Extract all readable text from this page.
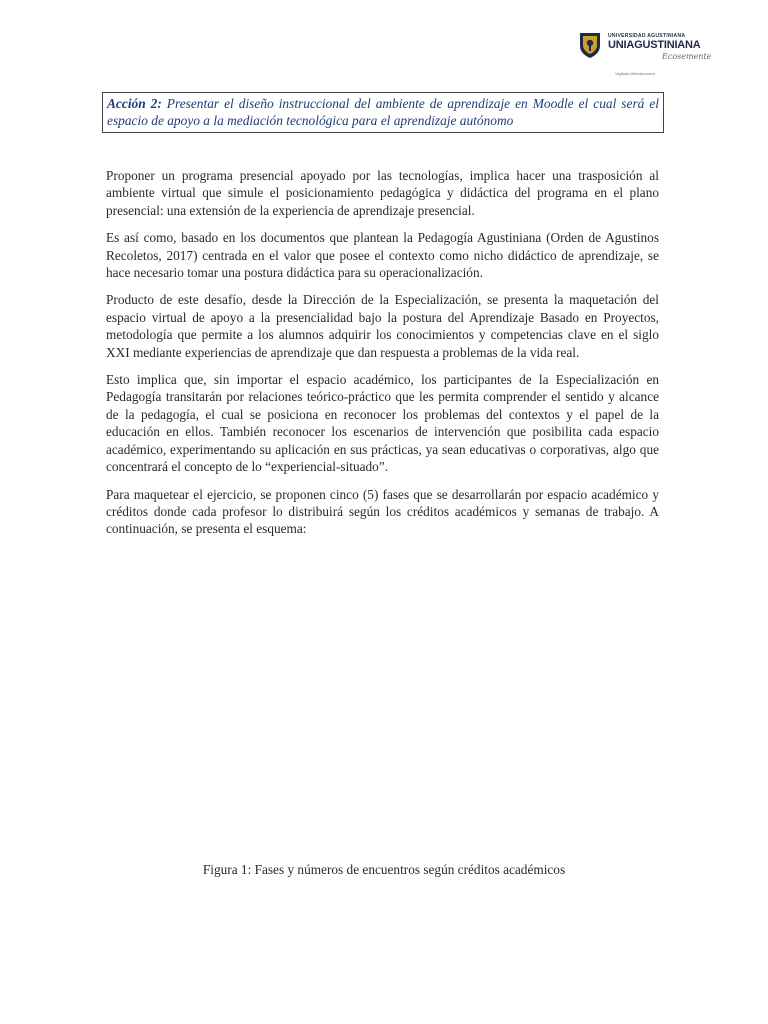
UNIVERSIDAD AGUSTINIANA
UNIAGUSTINIANA
Ecosemente
Vigilada Mineducación
Acción 2: Presentar el diseño instruccional del ambiente de aprendizaje en Moodle el cual será el espacio de apoyo a la mediación tecnológica para el aprendizaje autónomo

Proponer un programa presencial apoyado por las tecnologías, implica hacer una trasposición al ambiente virtual que simule el posicionamiento pedagógica y didáctica del programa en el plano presencial: una extensión de la experiencia de aprendizaje presencial.

Es así como, basado en los documentos que plantean la Pedagogía Agustiniana (Orden de Agustinos Recoletos, 2017) centrada en el valor que posee el contexto como nicho didáctico de aprendizaje, se hace necesario tomar una postura didáctica para su operacionalización.

Producto de este desafío, desde la Dirección de la Especialización, se presenta la maquetación del espacio virtual de apoyo a la presencialidad bajo la postura del Aprendizaje Basado en Proyectos, metodología que permite a los alumnos adquirir los conocimientos y competencias clave en el siglo XXI mediante experiencias de aprendizaje que dan respuesta a problemas de la vida real.

Esto implica que, sin importar el espacio académico, los participantes de la Especialización en Pedagogía transitarán por relaciones teórico-práctico que les permita comprender el sentido y alcance de la pedagogía, el cual se posiciona en reconocer los problemas del contextos y el papel de la educación en ellos. También reconocer los escenarios de intervención que posibilita cada espacio académico, experimentando su aplicación en sus prácticas, ya sean educativas o corporativas, algo que concentrará el concepto de lo “experiencial-situado”.

Para maquetear el ejercicio, se proponen cinco (5) fases que se desarrollarán por espacio académico y créditos donde cada profesor lo distribuirá según los créditos académicos y semanas de trabajo. A continuación, se presenta el esquema:

Figura 1: Fases y números de encuentros según créditos académicos
